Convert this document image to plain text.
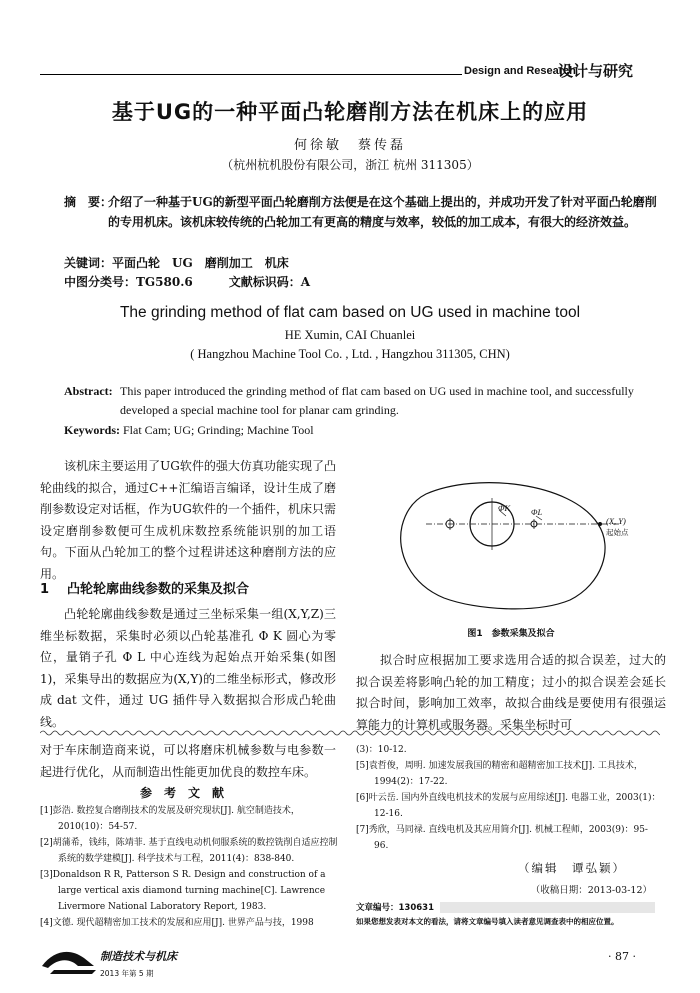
Design and Research
设计与研究
基于UG的一种平面凸轮磨削方法在机床上的应用
何徐敏　蔡传磊
（杭州杭机股份有限公司，浙江 杭州 311305）
摘　要：
介绍了一种基于UG的新型平面凸轮磨削方法便是在这个基础上提出的，并成功开发了针对平面凸轮磨削的专用机床。该机床较传统的凸轮加工有更高的精度与效率，较低的加工成本，有很大的经济效益。
关键词：平面凸轮　UG　磨削加工　机床
中图分类号：TG580.6	文献标识码：A
The grinding method of flat cam based on UG used in machine tool
HE Xumin, CAI Chuanlei
( Hangzhou Machine Tool Co. , Ltd. , Hangzhou 311305, CHN)
Abstract: This paper introduced the grinding method of flat cam based on UG used in machine tool, and successfully developed a special machine tool for planar cam grinding.
Keywords: Flat Cam; UG; Grinding; Machine Tool
该机床主要运用了UG软件的强大仿真功能实现了凸轮曲线的拟合，通过C++汇编语言编译，设计生成了磨削参数设定对话框，作为UG软件的一个插件，机床只需设定磨削参数便可生成机床数控系统能识别的加工语句。下面从凸轮加工的整个过程讲述这种磨削方法的应用。
1 凸轮轮廓曲线参数的采集及拟合
凸轮轮廓曲线参数是通过三坐标采集一组(X,Y,Z)三维坐标数据，采集时必须以凸轮基准孔 Φ K 圆心为零位，量销子孔 Φ L 中心连线为起始点开始采集(如图1)，采集导出的数据应为(X,Y)的二维坐标形式，修改形成 dat 文件，通过 UG 插件导入数据拟合形成凸轮曲线。
ΦK ΦL
(X, Y)
起始点
图1　参数采集及拟合
拟合时应根据加工要求选用合适的拟合误差，过大的拟合误差将影响凸轮的加工精度；过小的拟合误差会延长拟合时间，影响加工效率，故拟合曲线是要使用有很强运算能力的计算机或服务器。采集坐标时可
对于车床制造商来说，可以将磨床机械参数与电参数一起进行优化，从而制造出性能更加优良的数控车床。
参考文献
[1]彭浩. 数控复合磨削技术的发展及研究现状[J]. 航空制造技术，2010(10)：54-57.
[2]胡蒲希，钱纬，陈靖菲. 基于直线电动机伺服系统的数控铣削自适应控制系统的数学建模[J]. 科学技术与工程，2011(4)：838-840.
[3]Donaldson R R, Patterson S R. Design and construction of a large vertical axis diamond turning machine[C]. Lawrence Livermore National Laboratory Report, 1983.
[4]文德. 现代超精密加工技术的发展和应用[J]. 世界产品与技，1998
(3)：10-12.
[5]袁哲俊，周明. 加速发展我国的精密和超精密加工技术[J]. 工具技术，1994(2)：17-22.
[6]叶云岳. 国内外直线电机技术的发展与应用综述[J]. 电器工业，2003(1)：12-16.
[7]秀欣，马同禄. 直线电机及其应用简介[J]. 机械工程师，2003(9)：95-96.
（编辑　谭弘颖）
（收稿日期：2013-03-12）
文章编号：130631
如果您想发表对本文的看法，请将文章编号填入读者意见调查表中的相应位置。
制造技术与机床
2013 年第 5 期
· 87 ·
